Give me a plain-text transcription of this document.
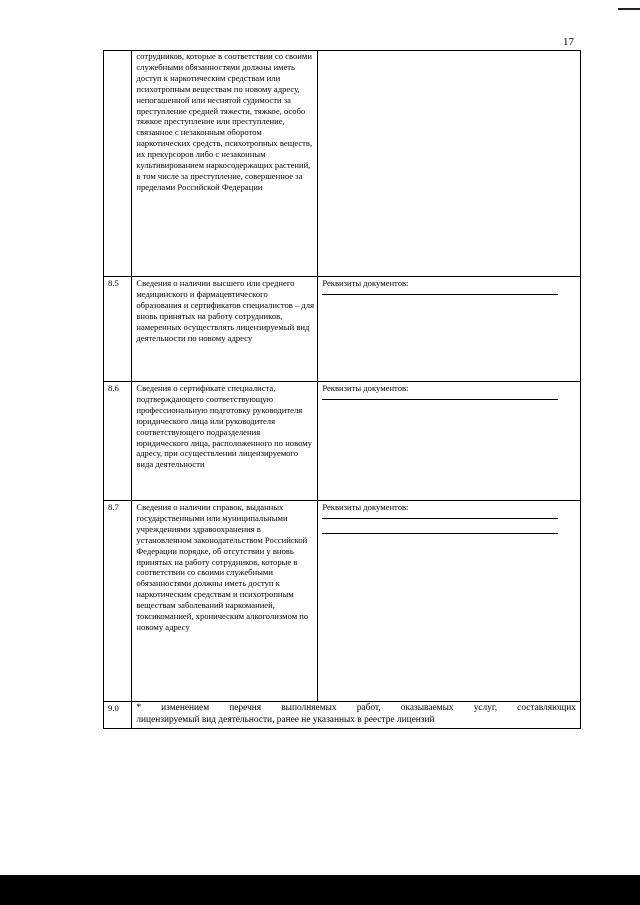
17

	сотрудников, которые в соответствии со своими служебными обязанностями должны иметь доступ к наркотическим средствам или психотропным веществам по новому адресу, непогашенной или неснятой судимости за преступление средней тяжести, тяжкое, особо тяжкое преступление или преступление, связанное с незаконным оборотом наркотических средств, психотропных веществ, их прекурсоров либо с незаконным культивированием наркосодержащих растений, в том числе за преступление, совершенное за пределами Российской Федерации	

8.5	Сведения о наличии высшего или среднего медицинского и фармацевтического образования и сертификатов специалистов – для вновь принятых на работу сотрудников, намеренных осуществлять лицензируемый вид деятельности по новому адресу	Реквизиты документов:

8.6	Сведения о сертификате специалиста, подтверждающего соответствующую профессиональную подготовку руководителя юридического лица или руководителя соответствующего подразделения юридического лица, расположенного по новому адресу, при осуществлении лицензируемого вида деятельности	Реквизиты документов:

8.7	Сведения о наличии справок, выданных государственными или муниципальными учреждениями здравоохранения в установленном законодательством Российской Федерации порядке, об отсутствии у вновь принятых на работу сотрудников, которые в соответствии со своими служебными обязанностями должны иметь доступ к наркотическим средствам и психотропным веществам заболеваний наркоманией, токсикоманией, хроническим алкоголизмом по новому адресу	Реквизиты документов:

9.0	* изменением перечня выполняемых работ, оказываемых услуг, составляющих
лицензируемый вид деятельности, ранее не указанных в реестре лицензий	
